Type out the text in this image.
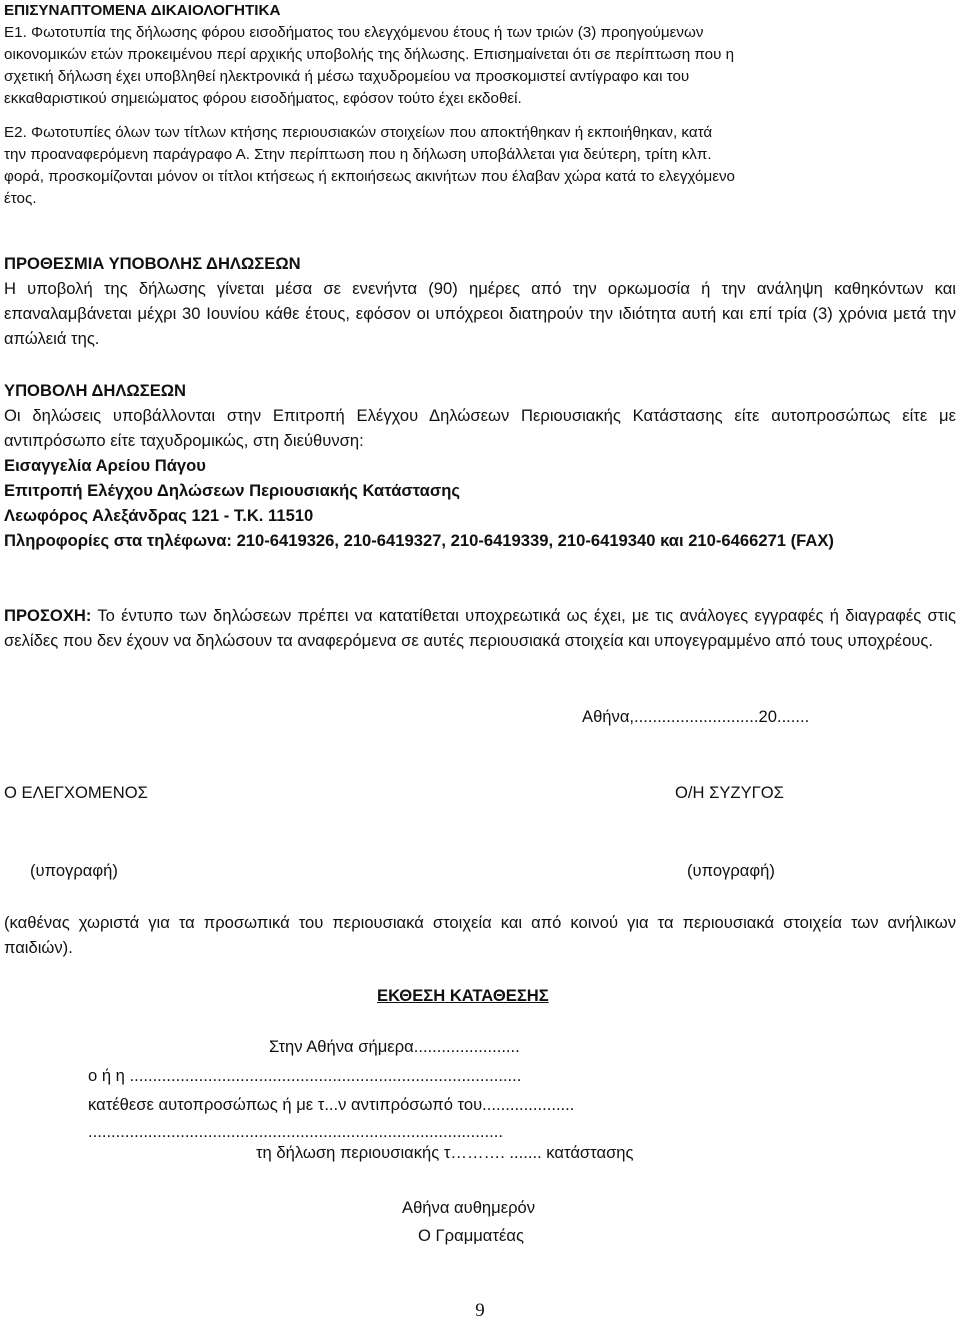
ΕΠΙΣΥΝΑΠΤΟΜΕΝΑ ΔΙΚΑΙΟΛΟΓΗΤΙΚΑ

Ε1. Φωτοτυπία της δήλωσης φόρου εισοδήματος του ελεγχόμενου έτους ή των τριών (3) προηγούμενων

οικονομικών ετών προκειμένου περί αρχικής υποβολής της δήλωσης. Επισημαίνεται ότι σε περίπτωση που η

σχετική δήλωση έχει υποβληθεί ηλεκτρονικά ή μέσω ταχυδρομείου να προσκομιστεί αντίγραφο και του

εκκαθαριστικού σημειώματος φόρου εισοδήματος, εφόσον τούτο έχει εκδοθεί.

Ε2. Φωτοτυπίες όλων των τίτλων κτήσης περιουσιακών στοιχείων που αποκτήθηκαν ή εκποιήθηκαν, κατά

την προαναφερόμενη παράγραφο Α. Στην περίπτωση που η δήλωση υποβάλλεται για δεύτερη, τρίτη κλπ.

φορά, προσκομίζονται μόνον οι τίτλοι κτήσεως ή εκποιήσεως ακινήτων που έλαβαν χώρα κατά το ελεγχόμενο

έτος.

ΠΡΟΘΕΣΜΙΑ ΥΠΟΒΟΛΗΣ ΔΗΛΩΣΕΩΝ

Η υποβολή της δήλωσης γίνεται μέσα σε ενενήντα (90) ημέρες από την ορκωμοσία ή την ανάληψη καθηκόντων και επαναλαμβάνεται μέχρι 30 Ιουνίου κάθε έτους, εφόσον οι υπόχρεοι διατηρούν την ιδιότητα αυτή και επί τρία (3) χρόνια μετά την απώλειά της.

ΥΠΟΒΟΛΗ ΔΗΛΩΣΕΩΝ

Οι δηλώσεις υποβάλλονται στην Επιτροπή Ελέγχου Δηλώσεων Περιουσιακής Κατάστασης είτε αυτοπροσώπως είτε με αντιπρόσωπο είτε ταχυδρομικώς, στη διεύθυνση:

Εισαγγελία Αρείου Πάγου
Επιτροπή Ελέγχου Δηλώσεων Περιουσιακής Κατάστασης
Λεωφόρος Αλεξάνδρας 121 - Τ.Κ. 11510

Πληροφορίες στα τηλέφωνα: 210-6419326, 210-6419327, 210-6419339, 210-6419340 και 210-6466271 (FAX)

ΠΡΟΣΟΧΗ: Το έντυπο των δηλώσεων πρέπει να κατατίθεται υποχρεωτικά ως έχει, με τις ανάλογες εγγραφές ή διαγραφές στις σελίδες που δεν έχουν να δηλώσουν τα αναφερόμενα σε αυτές περιουσιακά στοιχεία και υπογεγραμμένο από τους υποχρέους.

Αθήνα,...........................20.......
Ο ΕΛΕΓΧΟΜΕΝΟΣ	Ο/Η ΣΥΖΥΓΟΣ
(υπογραφή)	(υπογραφή)

(καθένας χωριστά για τα προσωπικά του περιουσιακά στοιχεία και από κοινού για τα περιουσιακά στοιχεία των ανήλικων παιδιών).

ΕΚΘΕΣΗ ΚΑΤΑΘΕΣΗΣ
Στην Αθήνα σήμερα.......................
ο ή η .....................................................................................
κατέθεσε αυτοπροσώπως ή με τ...ν αντιπρόσωπό του....................
..........................................................................................
τη δήλωση περιουσιακής τ………. ....... κατάστασης
Αθήνα αυθημερόν
Ο Γραμματέας
9
